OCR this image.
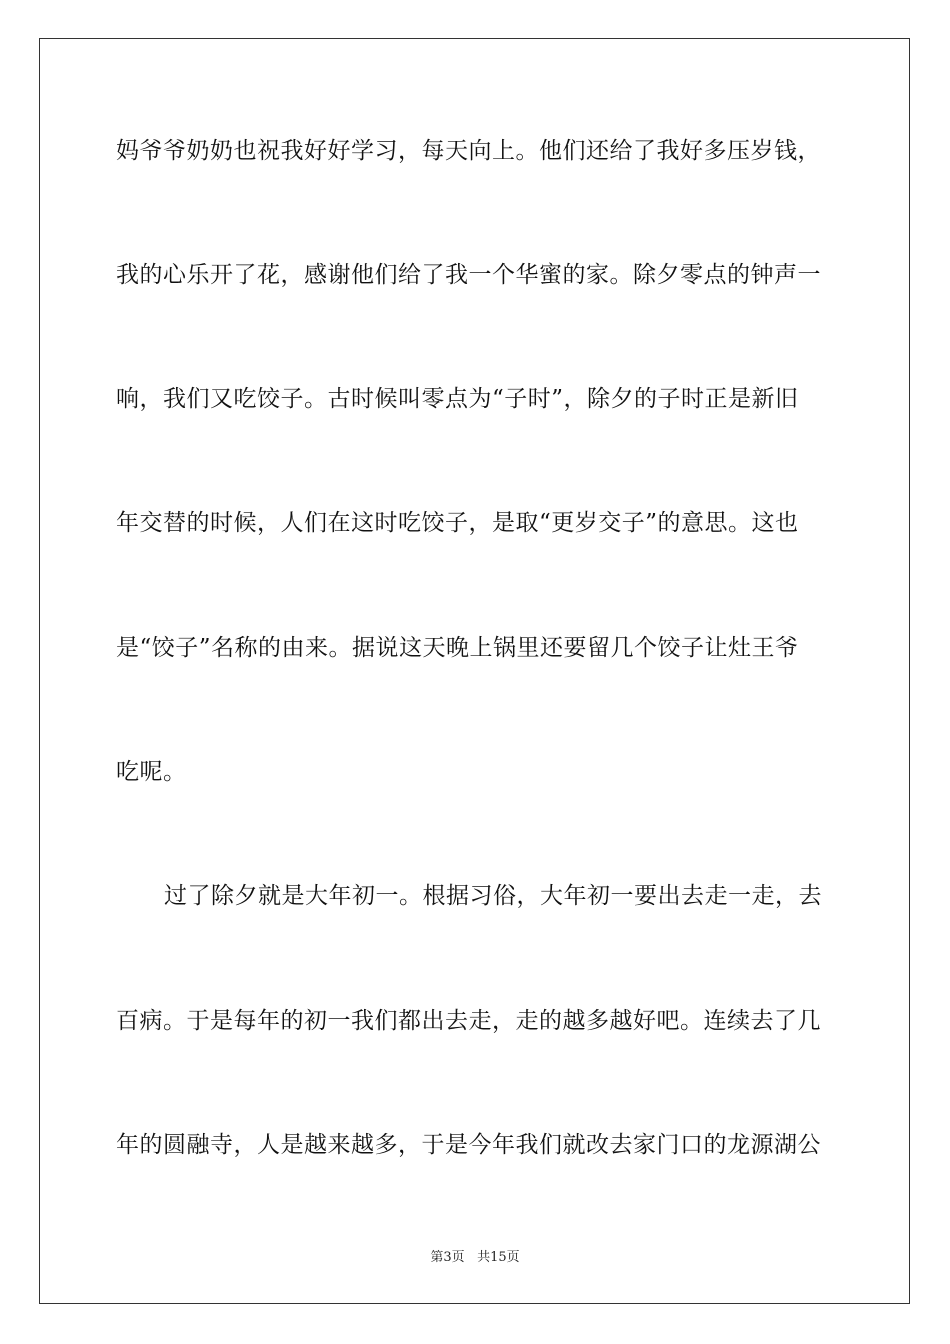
妈爷爷奶奶也祝我好好学习，每天向上。他们还给了我好多压岁钱，
我的心乐开了花，感谢他们给了我一个华蜜的家。除夕零点的钟声一
响，我们又吃饺子。古时候叫零点为“子时”，除夕的子时正是新旧
年交替的时候，人们在这时吃饺子，是取“更岁交子”的意思。这也
是“饺子”名称的由来。据说这天晚上锅里还要留几个饺子让灶王爷
吃呢。
过了除夕就是大年初一。根据习俗，大年初一要出去走一走，去
百病。于是每年的初一我们都出去走，走的越多越好吧。连续去了几
年的圆融寺，人是越来越多，于是今年我们就改去家门口的龙源湖公
第3页 共15页
